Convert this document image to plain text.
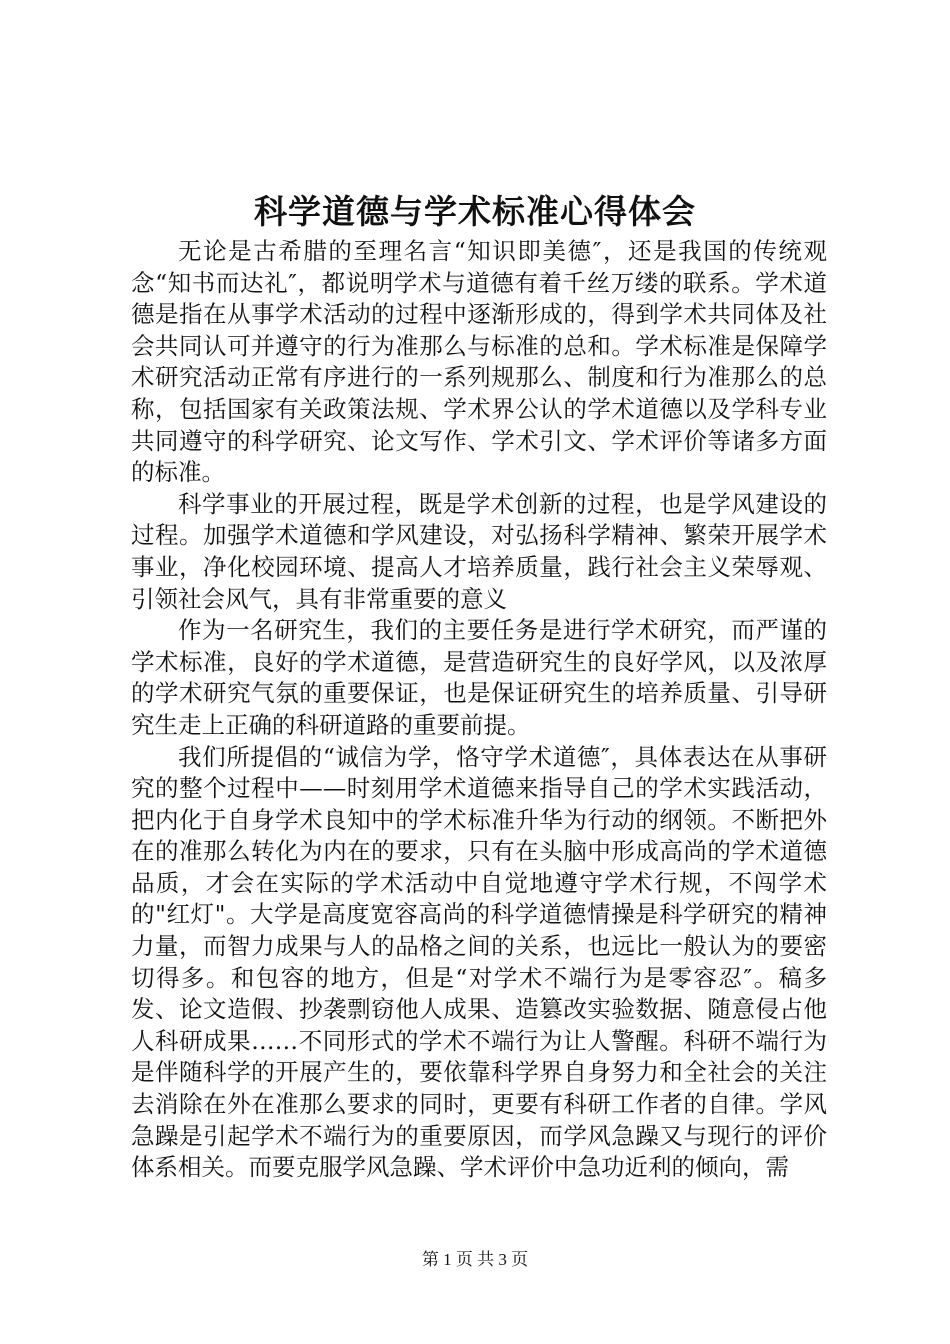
科学道德与学术标准心得体会

无论是古希腊的至理名言“知识即美德″，还是我国的传统观念“知书而达礼″，都说明学术与道德有着千丝万缕的联系。学术道德是指在从事学术活动的过程中逐渐形成的，得到学术共同体及社会共同认可并遵守的行为准那么与标准的总和。学术标准是保障学术研究活动正常有序进行的一系列规那么、制度和行为准那么的总称，包括国家有关政策法规、学术界公认的学术道德以及学科专业共同遵守的科学研究、论文写作、学术引文、学术评价等诸多方面的标准。

科学事业的开展过程，既是学术创新的过程，也是学风建设的过程。加强学术道德和学风建设，对弘扬科学精神、繁荣开展学术事业，净化校园环境、提高人才培养质量，践行社会主义荣辱观、引领社会风气，具有非常重要的意义

作为一名研究生，我们的主要任务是进行学术研究，而严谨的学术标准，良好的学术道德，是营造研究生的良好学风，以及浓厚的学术研究气氛的重要保证，也是保证研究生的培养质量、引导研究生走上正确的科研道路的重要前提。

我们所提倡的“诚信为学，恪守学术道德″，具体表达在从事研究的整个过程中——时刻用学术道德来指导自己的学术实践活动，把内化于自身学术良知中的学术标准升华为行动的纲领。不断把外在的准那么转化为内在的要求，只有在头脑中形成高尚的学术道德品质，才会在实际的学术活动中自觉地遵守学术行规，不闯学术的"红灯"。大学是高度宽容高尚的科学道德情操是科学研究的精神力量，而智力成果与人的品格之间的关系，也远比一般认为的要密切得多。和包容的地方，但是“对学术不端行为是零容忍″。稿多发、论文造假、抄袭剽窃他人成果、造篡改实验数据、随意侵占他人科研成果……不同形式的学术不端行为让人警醒。科研不端行为是伴随科学的开展产生的，要依靠科学界自身努力和全社会的关注去消除在外在准那么要求的同时，更要有科研工作者的自律。学风急躁是引起学术不端行为的重要原因，而学风急躁又与现行的评价体系相关。而要克服学风急躁、学术评价中急功近利的倾向，需

第 1 页 共 3 页
